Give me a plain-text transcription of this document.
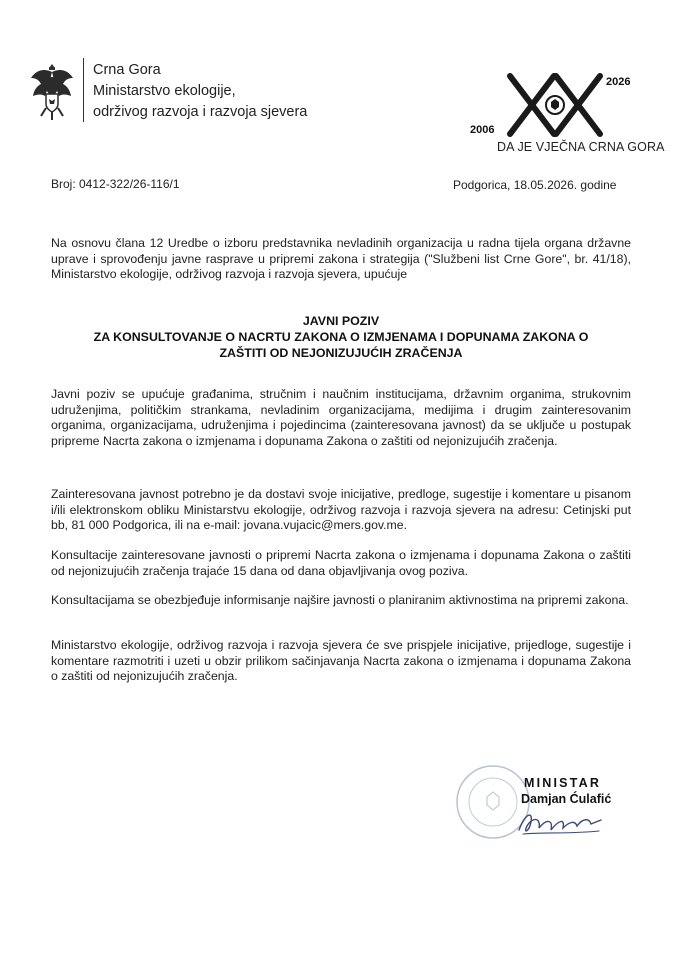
Crna Gora
Ministarstvo ekologije,
održivog razvoja i razvoja sjevera
2006
2026
DA JE VJEČNA CRNA GORA
Broj: 0412-322/26-116/1	Podgorica, 18.05.2026. godine
Na osnovu člana 12 Uredbe o izboru predstavnika nevladinih organizacija u radna tijela organa državne uprave i sprovođenju javne rasprave u pripremi zakona i strategija ("Službeni list Crne Gore", br. 41/18), Ministarstvo ekologije, održivog razvoja i razvoja sjevera, upućuje
JAVNI POZIV
ZA KONSULTOVANJE O NACRTU ZAKONA O IZMJENAMA I DOPUNAMA ZAKONA O
ZAŠTITI OD NEJONIZUJUĆIH ZRAČENJA
Javni poziv se upućuje građanima, stručnim i naučnim institucijama, državnim organima, strukovnim udruženjima, političkim strankama, nevladinim organizacijama, medijima i drugim zainteresovanim organima, organizacijama, udruženjima i pojedincima (zainteresovana javnost) da se uključe u postupak pripreme Nacrta zakona o izmjenama i dopunama Zakona o zaštiti od nejonizujućih zračenja.
Zainteresovana javnost potrebno je da dostavi svoje inicijative, predloge, sugestije i komentare u pisanom i/ili elektronskom obliku Ministarstvu ekologije, održivog razvoja i razvoja sjevera na adresu: Cetinjski put bb, 81 000 Podgorica, ili na e-mail: jovana.vujacic@mers.gov.me.
Konsultacije zainteresovane javnosti o pripremi Nacrta zakona o izmjenama i dopunama Zakona o zaštiti od nejonizujućih zračenja trajaće 15 dana od dana objavljivanja ovog poziva.
Konsultacijama se obezbjeđuje informisanje najšire javnosti o planiranim aktivnostima na pripremi zakona.
Ministarstvo ekologije, održivog razvoja i razvoja sjevera će sve prispjele inicijative, prijedloge, sugestije i komentare razmotriti i uzeti u obzir prilikom sačinjavanja Nacrta zakona o izmjenama i dopunama Zakona o zaštiti od nejonizujućih zračenja.
MINISTAR
Damjan Ćulafić
